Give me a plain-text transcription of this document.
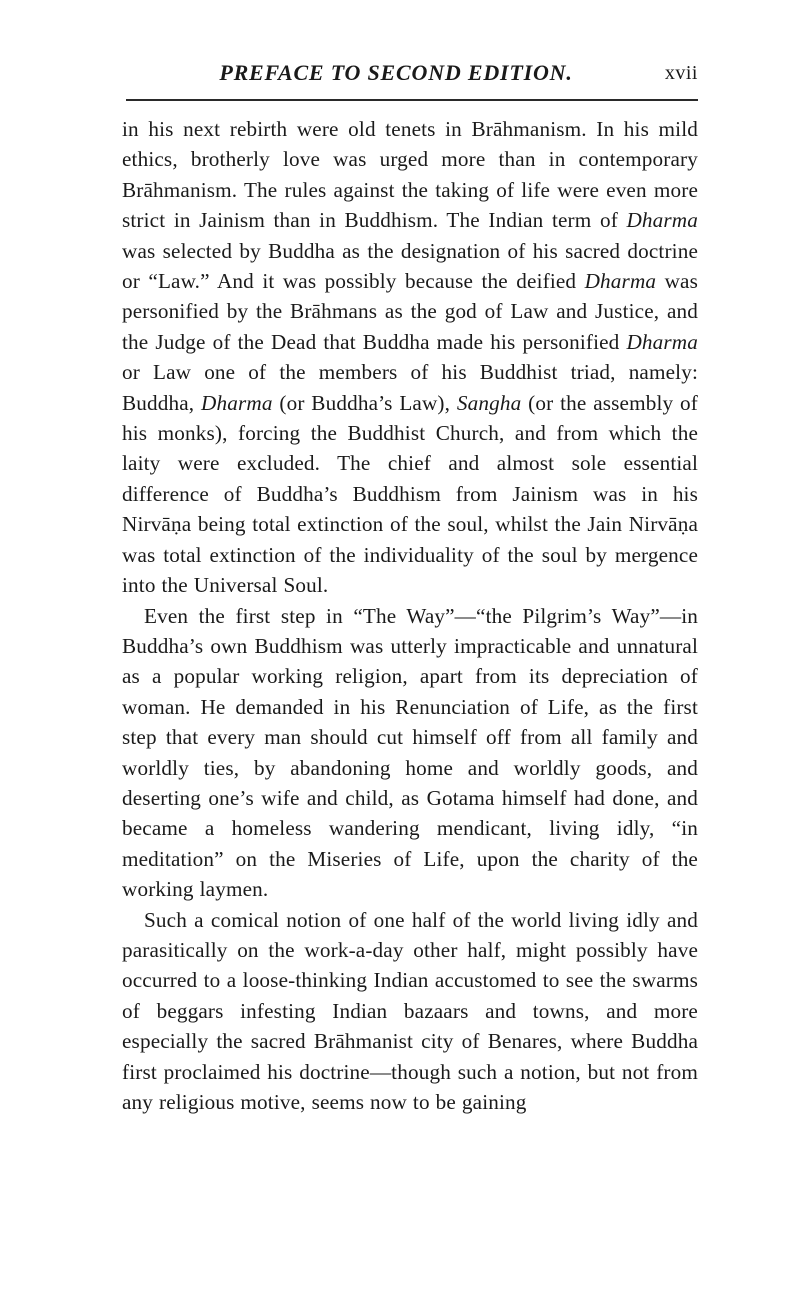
PREFACE TO SECOND EDITION.	xvii

in his next rebirth were old tenets in Brāhmanism. In his mild ethics, brotherly love was urged more than in contemporary Brāhmanism. The rules against the taking of life were even more strict in Jainism than in Buddhism. The Indian term of Dharma was selected by Buddha as the designation of his sacred doctrine or “Law.” And it was possibly because the deified Dharma was personified by the Brāhmans as the god of Law and Justice, and the Judge of the Dead that Buddha made his personified Dharma or Law one of the members of his Buddhist triad, namely: Buddha, Dharma (or Buddha’s Law), Sangha (or the assembly of his monks), forcing the Buddhist Church, and from which the laity were excluded. The chief and almost sole essential difference of Buddha’s Buddhism from Jainism was in his Nirvāṇa being total extinction of the soul, whilst the Jain Nirvāṇa was total extinction of the individuality of the soul by mergence into the Universal Soul.

Even the first step in “The Way”—“the Pilgrim’s Way”—in Buddha’s own Buddhism was utterly impracticable and unnatural as a popular working religion, apart from its depreciation of woman. He demanded in his Renunciation of Life, as the first step that every man should cut himself off from all family and worldly ties, by abandoning home and worldly goods, and deserting one’s wife and child, as Gotama himself had done, and became a homeless wandering mendicant, living idly, “in meditation” on the Miseries of Life, upon the charity of the working laymen.

Such a comical notion of one half of the world living idly and parasitically on the work-a-day other half, might possibly have occurred to a loose-thinking Indian accustomed to see the swarms of beggars infesting Indian bazaars and towns, and more especially the sacred Brāhmanist city of Benares, where Buddha first proclaimed his doctrine—though such a notion, but not from any religious motive, seems now to be gaining
